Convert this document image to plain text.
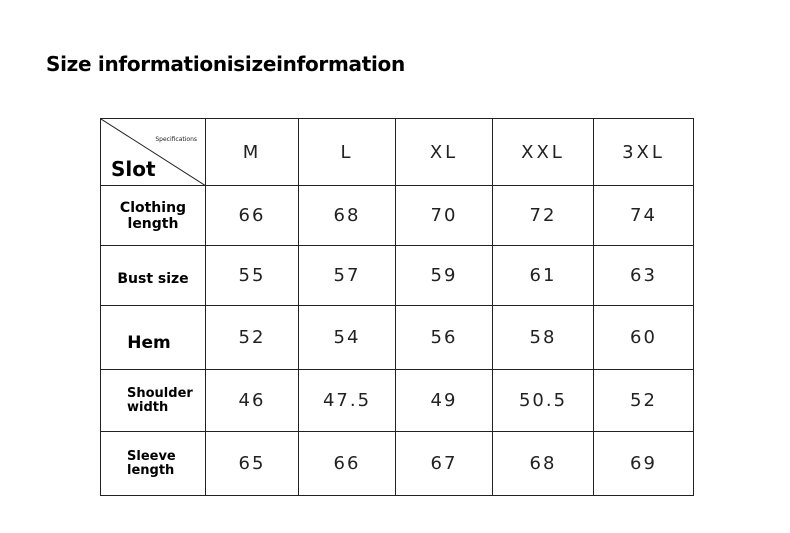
Size informationisizeinformation
Specifications
Slot	M	L	XL	XXL	3XL

Clothing
length	66	68	70	72	74

Bust size	55	57	59	61	63

Hem	52	54	56	58	60

Shoulder
width	46	47.5	49	50.5	52

Sleeve
length	65	66	67	68	69
